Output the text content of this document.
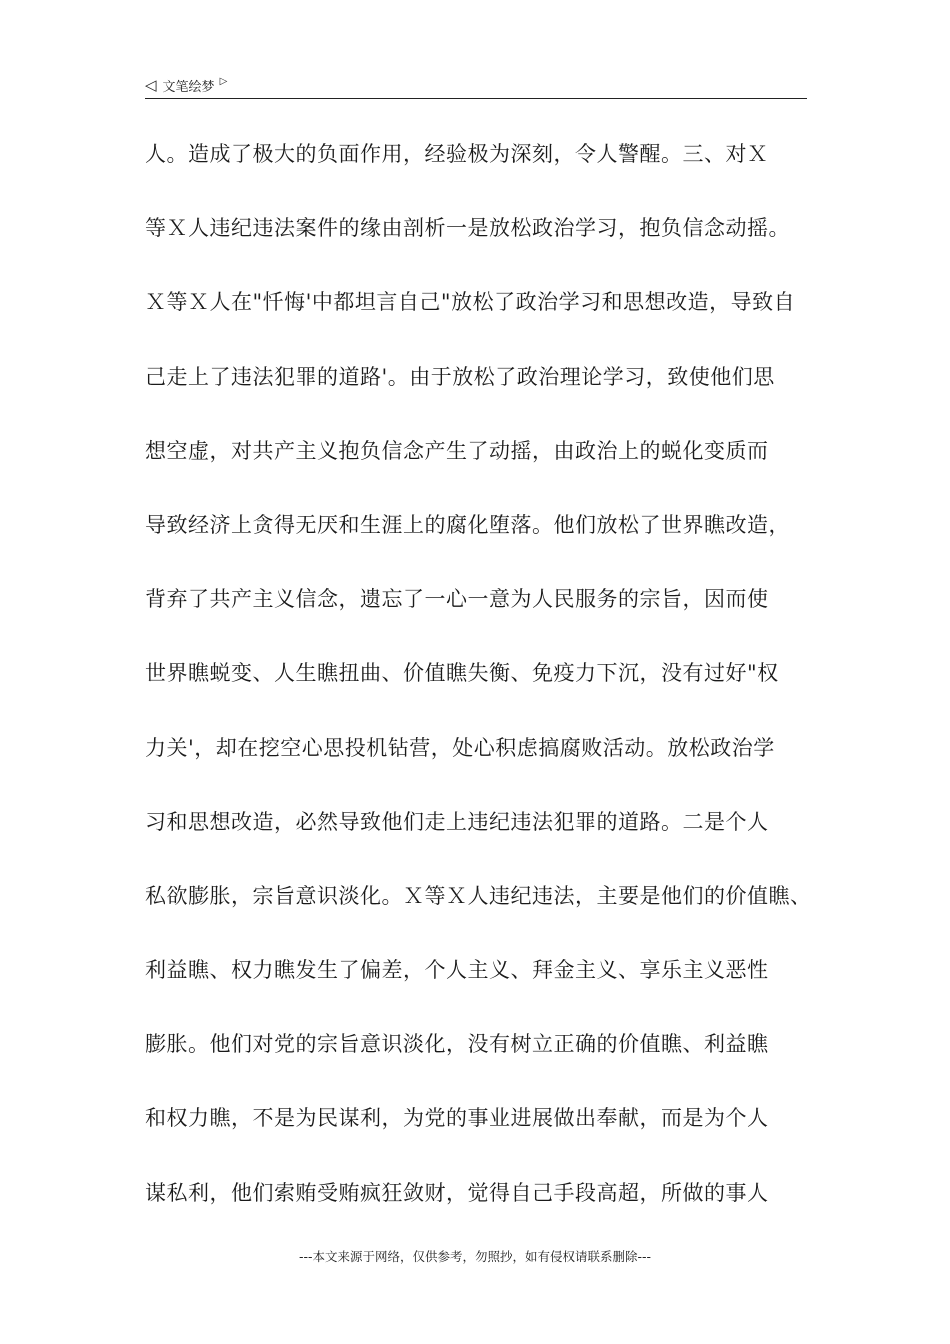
◁ 文笔绘梦 ▷
人。造成了极大的负面作用，经验极为深刻，令人警醒。三、对Ｘ
等Ｘ人违纪违法案件的缘由剖析一是放松政治学习，抱负信念动摇。
Ｘ等Ｘ人在"忏悔'中都坦言自己"放松了政治学习和思想改造，导致自
己走上了违法犯罪的道路'。由于放松了政治理论学习，致使他们思
想空虚，对共产主义抱负信念产生了动摇，由政治上的蜕化变质而
导致经济上贪得无厌和生涯上的腐化堕落。他们放松了世界瞧改造，
背弃了共产主义信念，遗忘了一心一意为人民服务的宗旨，因而使
世界瞧蜕变、人生瞧扭曲、价值瞧失衡、免疫力下沉，没有过好"权
力关'，却在挖空心思投机钻营，处心积虑搞腐败活动。放松政治学
习和思想改造，必然导致他们走上违纪违法犯罪的道路。二是个人
私欲膨胀，宗旨意识淡化。Ｘ等Ｘ人违纪违法，主要是他们的价值瞧、
利益瞧、权力瞧发生了偏差，个人主义、拜金主义、享乐主义恶性
膨胀。他们对党的宗旨意识淡化，没有树立正确的价值瞧、利益瞧
和权力瞧，不是为民谋利，为党的事业进展做出奉献，而是为个人
谋私利，他们索贿受贿疯狂敛财，觉得自己手段高超，所做的事人
---本文来源于网络，仅供参考，勿照抄，如有侵权请联系删除---
